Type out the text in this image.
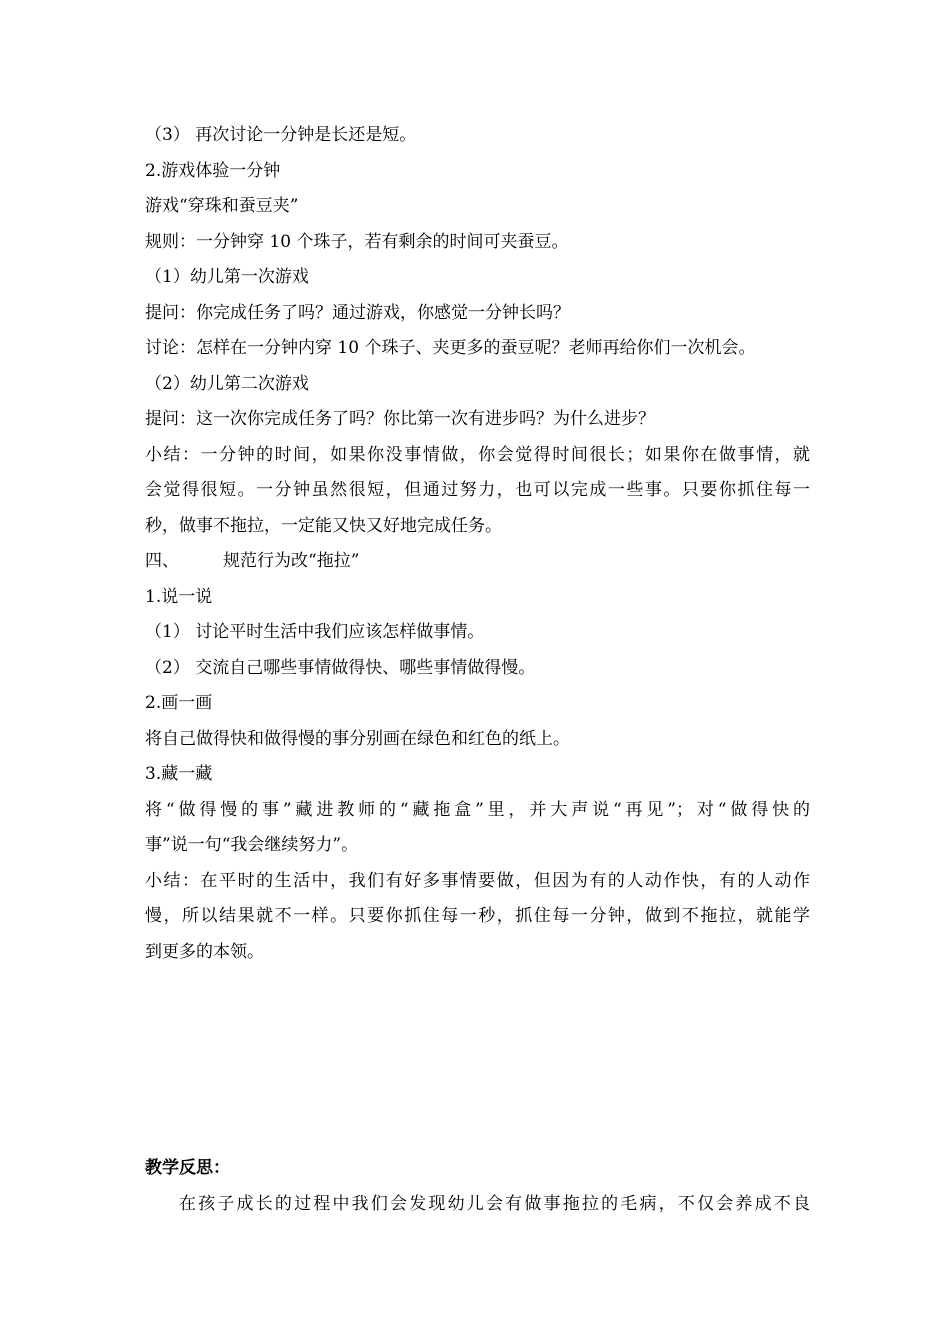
（3） 再次讨论一分钟是长还是短。
2.游戏体验一分钟
游戏“穿珠和蚕豆夹”
规则：一分钟穿 10 个珠子，若有剩余的时间可夹蚕豆。
（1）幼儿第一次游戏
提问：你完成任务了吗？通过游戏，你感觉一分钟长吗？
讨论：怎样在一分钟内穿 10 个珠子、夹更多的蚕豆呢？老师再给你们一次机会。
（2）幼儿第二次游戏
提问：这一次你完成任务了吗？你比第一次有进步吗？为什么进步？
小结：一分钟的时间，如果你没事情做，你会觉得时间很长；如果你在做事情，就
会觉得很短。一分钟虽然很短，但通过努力，也可以完成一些事。只要你抓住每一
秒，做事不拖拉，一定能又快又好地完成任务。
四、	规范行为改“拖拉”
1.说一说
（1） 讨论平时生活中我们应该怎样做事情。
（2） 交流自己哪些事情做得快、哪些事情做得慢。
2.画一画
将自己做得快和做得慢的事分别画在绿色和红色的纸上。
3.藏一藏
将“做得慢的事”藏进教师的“藏拖盒”里，并大声说“再见”；对“做得快的
事”说一句“我会继续努力”。
小结：在平时的生活中，我们有好多事情要做，但因为有的人动作快，有的人动作
慢，所以结果就不一样。只要你抓住每一秒，抓住每一分钟，做到不拖拉，就能学
到更多的本领。
教学反思：
在孩子成长的过程中我们会发现幼儿会有做事拖拉的毛病，不仅会养成不良
